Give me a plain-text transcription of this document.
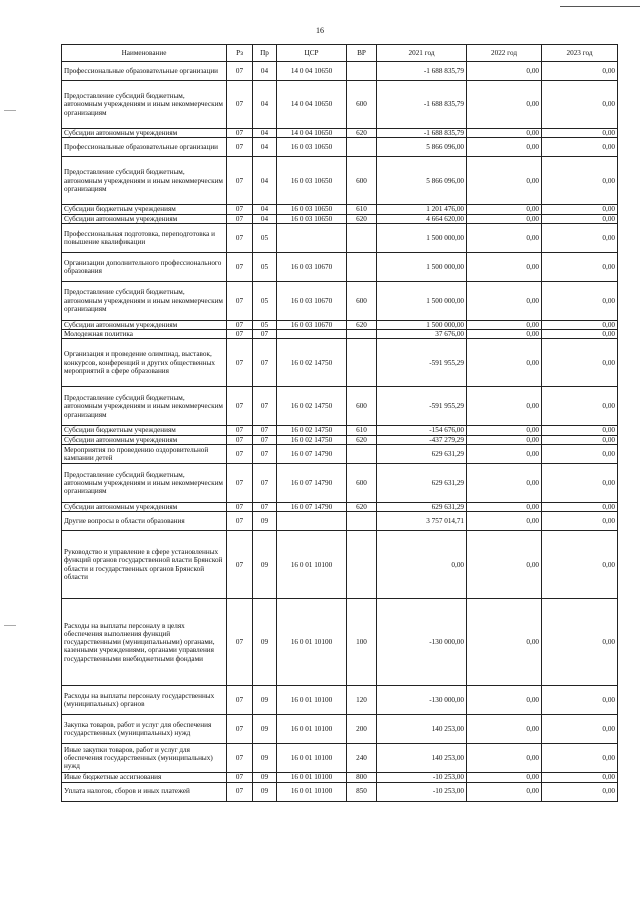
16
Наименование	Рз	Пр	ЦСР	ВР	2021 год	2022 год	2023 год
Профессиональные образовательные организации	07	04	14 0 04 10650		-1 688 835,79	0,00	0,00
Предоставление субсидий бюджетным, автономным учреждениям и иным некоммерческим организациям	07	04	14 0 04 10650	600	-1 688 835,79	0,00	0,00
Субсидии автономным учреждениям	07	04	14 0 04 10650	620	-1 688 835,79	0,00	0,00
Профессиональные образовательные организации	07	04	16 0 03 10650		5 866 096,00	0,00	0,00
Предоставление субсидий бюджетным, автономным учреждениям и иным некоммерческим организациям	07	04	16 0 03 10650	600	5 866 096,00	0,00	0,00
Субсидии бюджетным учреждениям	07	04	16 0 03 10650	610	1 201 476,00	0,00	0,00
Субсидии автономным учреждениям	07	04	16 0 03 10650	620	4 664 620,00	0,00	0,00
Профессиональная подготовка, переподготовка и повышение квалификации	07	05			1 500 000,00	0,00	0,00
Организации дополнительного профессионального образования	07	05	16 0 03 10670		1 500 000,00	0,00	0,00
Предоставление субсидий бюджетным, автономным учреждениям и иным некоммерческим организациям	07	05	16 0 03 10670	600	1 500 000,00	0,00	0,00
Субсидии автономным учреждениям	07	05	16 0 03 10670	620	1 500 000,00	0,00	0,00
Молодежная политика	07	07			37 676,00	0,00	0,00
Организация и проведение олимпиад, выставок, конкурсов, конференций и других общественных мероприятий в сфере образования	07	07	16 0 02 14750		-591 955,29	0,00	0,00
Предоставление субсидий бюджетным, автономным учреждениям и иным некоммерческим организациям	07	07	16 0 02 14750	600	-591 955,29	0,00	0,00
Субсидии бюджетным учреждениям	07	07	16 0 02 14750	610	-154 676,00	0,00	0,00
Субсидии автономным учреждениям	07	07	16 0 02 14750	620	-437 279,29	0,00	0,00
Мероприятия по проведению оздоровительной кампании детей	07	07	16 0 07 14790		629 631,29	0,00	0,00
Предоставление субсидий бюджетным, автономным учреждениям и иным некоммерческим организациям	07	07	16 0 07 14790	600	629 631,29	0,00	0,00
Субсидии автономным учреждениям	07	07	16 0 07 14790	620	629 631,29	0,00	0,00
Другие вопросы в области образования	07	09			3 757 014,71	0,00	0,00
Руководство и управление в сфере установленных функций органов государственной власти Брянской области и государственных органов Брянской области	07	09	16 0 01 10100		0,00	0,00	0,00
Расходы на выплаты персоналу в целях обеспечения выполнения функций государственными (муниципальными) органами, казенными учреждениями, органами управления государственными внебюджетными фондами	07	09	16 0 01 10100	100	-130 000,00	0,00	0,00
Расходы на выплаты персоналу государственных (муниципальных) органов	07	09	16 0 01 10100	120	-130 000,00	0,00	0,00
Закупка товаров, работ и услуг для обеспечения государственных (муниципальных) нужд	07	09	16 0 01 10100	200	140 253,00	0,00	0,00
Иные закупки товаров, работ и услуг для обеспечения государственных (муниципальных) нужд	07	09	16 0 01 10100	240	140 253,00	0,00	0,00
Иные бюджетные ассигнования	07	09	16 0 01 10100	800	-10 253,00	0,00	0,00
Уплата налогов, сборов и иных платежей	07	09	16 0 01 10100	850	-10 253,00	0,00	0,00
